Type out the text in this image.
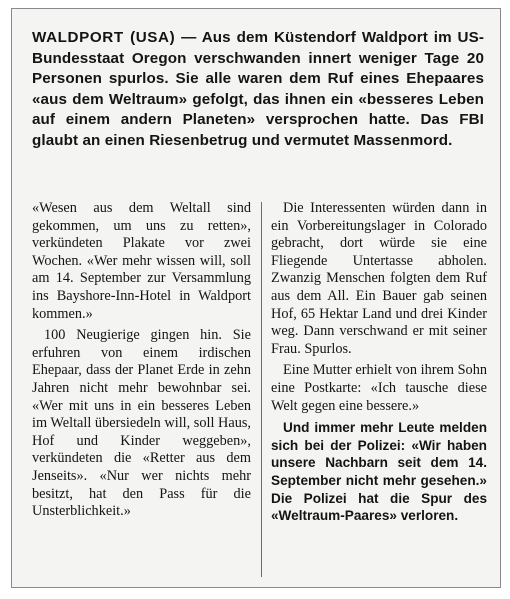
WALDPORT (USA) — Aus dem Küstendorf Waldport im US-Bundesstaat Oregon verschwanden innert weniger Tage 20 Personen spurlos. Sie alle waren dem Ruf eines Ehepaares «aus dem Weltraum» gefolgt, das ihnen ein «besseres Leben auf einem andern Planeten» versprochen hatte. Das FBI glaubt an einen Riesenbetrug und vermutet Massenmord.

«Wesen aus dem Weltall sind gekommen, um uns zu retten», verkündeten Plakate vor zwei Wochen. «Wer mehr wissen will, soll am 14. September zur Versammlung ins Bayshore-Inn-Hotel in Waldport kommen.»

100 Neugierige gingen hin. Sie erfuhren von einem irdischen Ehepaar, dass der Planet Erde in zehn Jahren nicht mehr bewohnbar sei. «Wer mit uns in ein besseres Leben im Weltall übersiedeln will, soll Haus, Hof und Kinder weggeben», verkündeten die «Retter aus dem Jenseits». «Nur wer nichts mehr besitzt, hat den Pass für die Unsterblichkeit.»

Die Interessenten würden dann in ein Vorbereitungslager in Colorado gebracht, dort würde sie eine Fliegende Untertasse abholen. Zwanzig Menschen folgten dem Ruf aus dem All. Ein Bauer gab seinen Hof, 65 Hektar Land und drei Kinder weg. Dann verschwand er mit seiner Frau. Spurlos.

Eine Mutter erhielt von ihrem Sohn eine Postkarte: «Ich tausche diese Welt gegen eine bessere.»

Und immer mehr Leute melden sich bei der Polizei: «Wir haben unsere Nachbarn seit dem 14. September nicht mehr gesehen.» Die Polizei hat die Spur des «Weltraum-Paares» verloren.
